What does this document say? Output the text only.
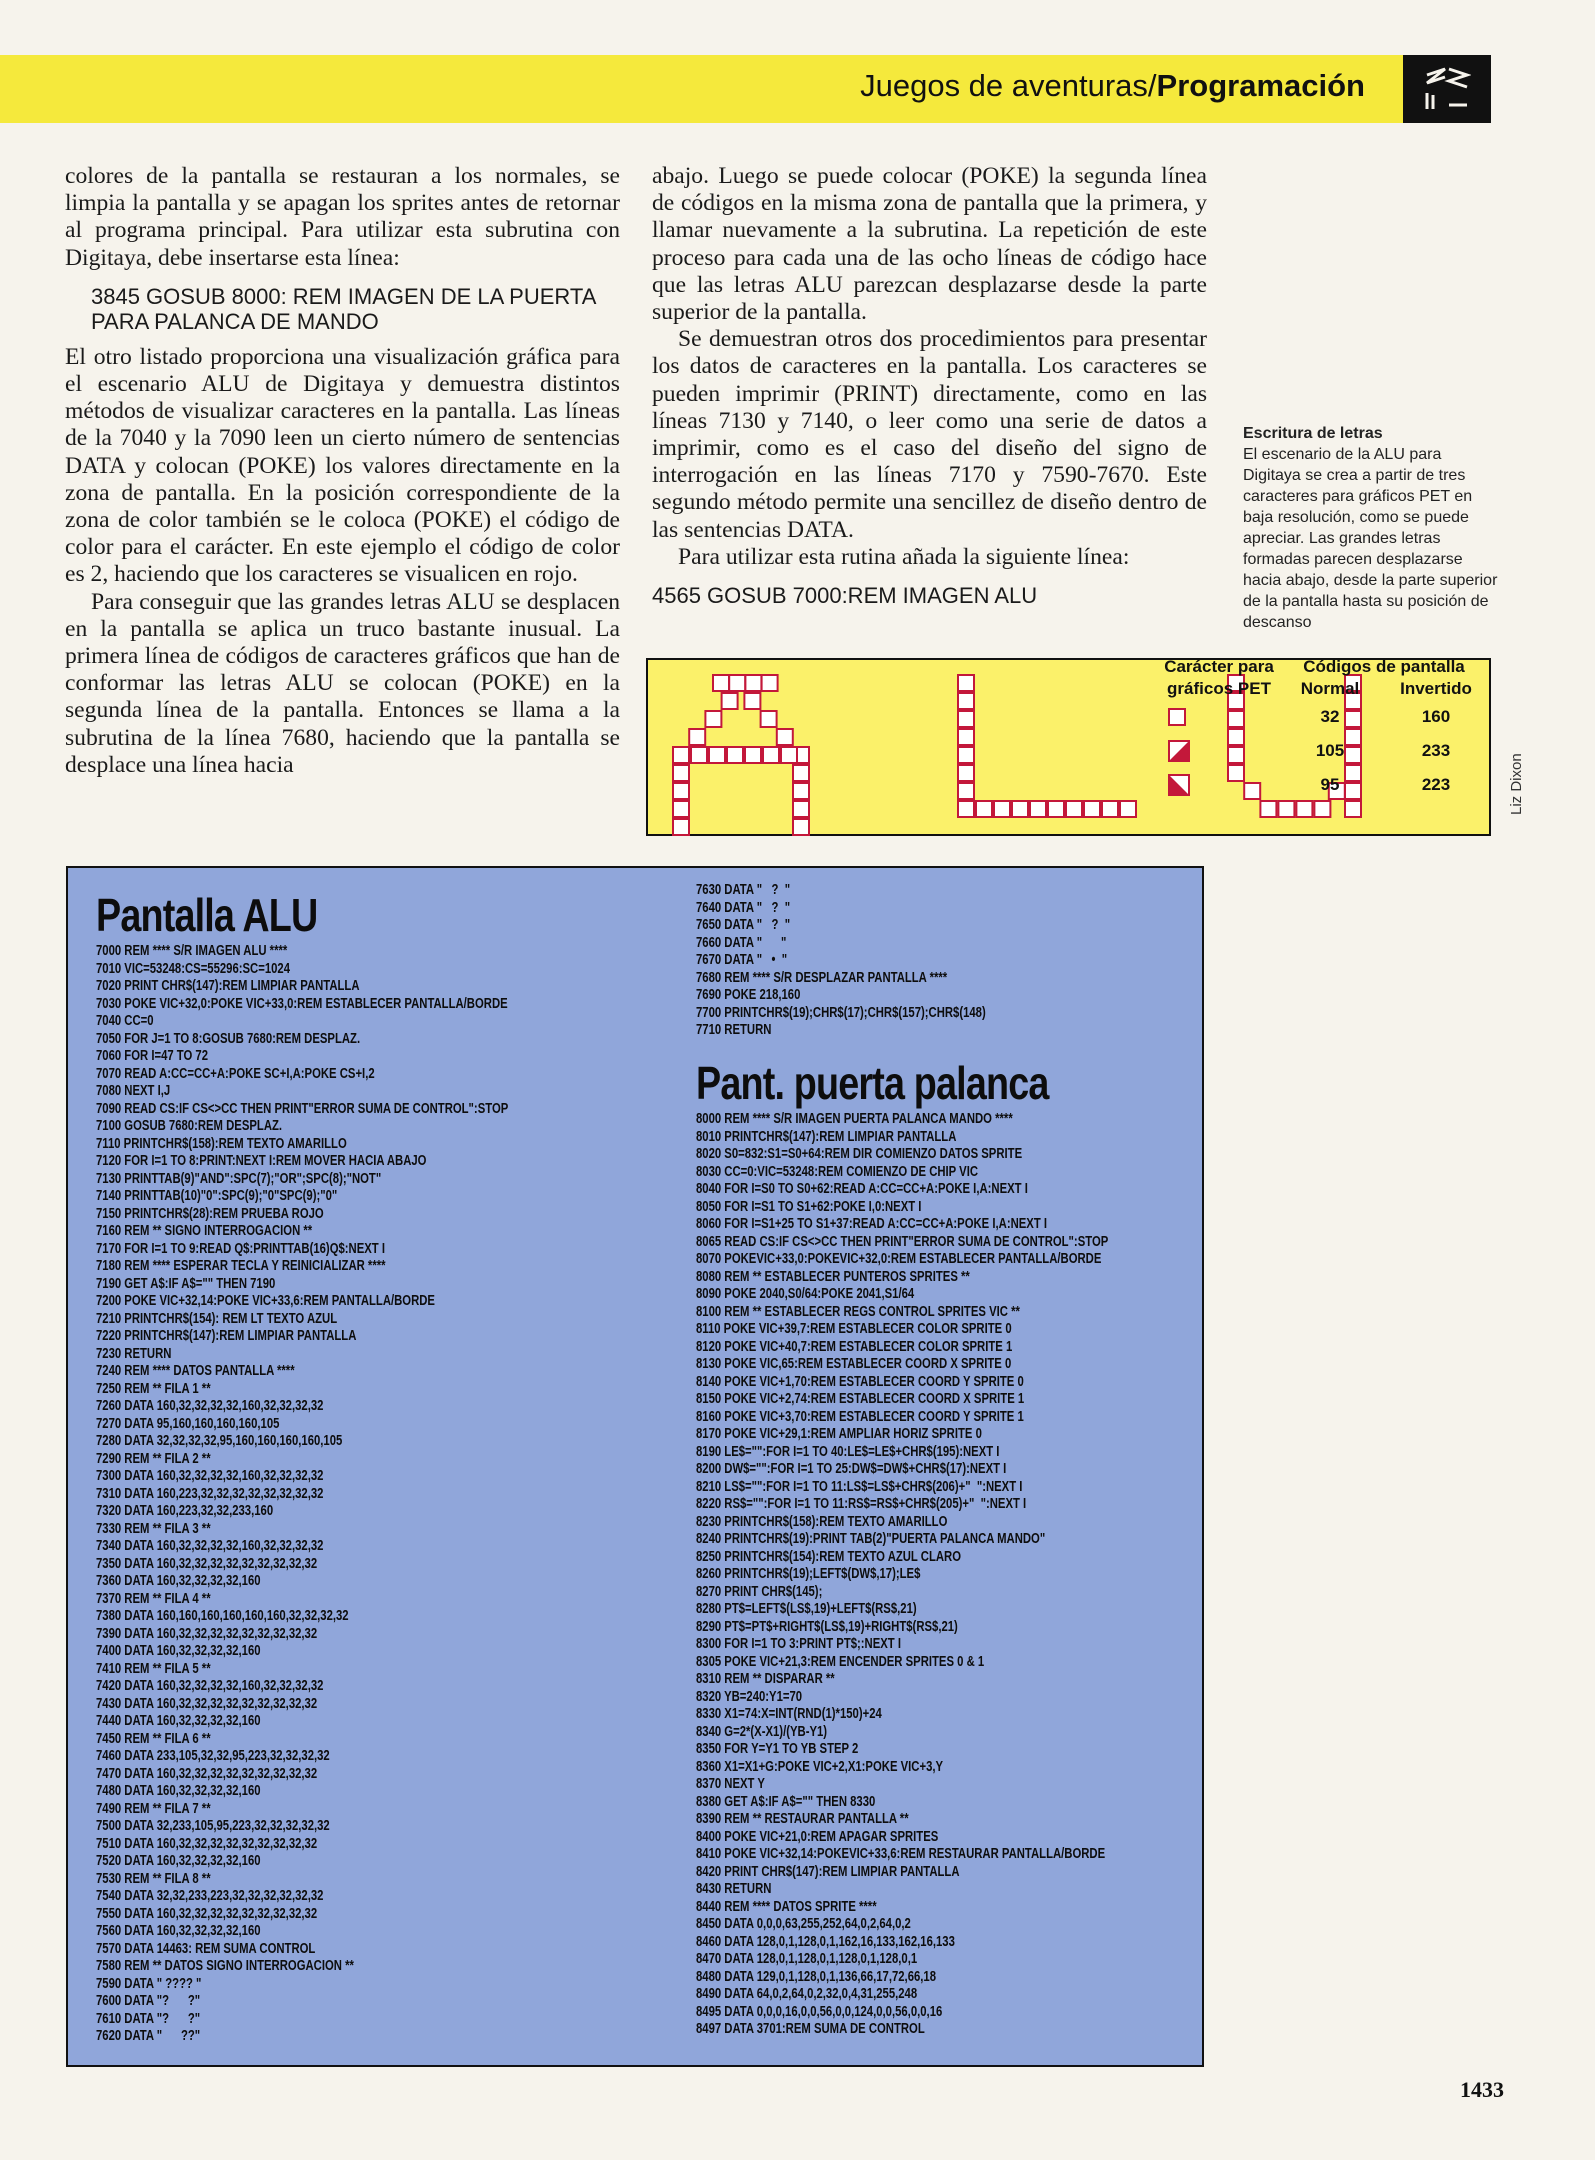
Juegos de aventuras/Programación

colores de la pantalla se restauran a los normales, se limpia la pantalla y se apagan los sprites antes de retornar al programa principal. Para utilizar esta subrutina con Digitaya, debe insertarse esta línea:

3845 GOSUB 8000: REM IMAGEN DE LA PUERTA PARA PALANCA DE MANDO

El otro listado proporciona una visualización gráfica para el escenario ALU de Digitaya y demuestra distintos métodos de visualizar caracteres en la pantalla. Las líneas de la 7040 y la 7090 leen un cierto número de sentencias DATA y colocan (POKE) los valores directamente en la zona de pantalla. En la posición correspondiente de la zona de color también se le coloca (POKE) el código de color para el carácter. En este ejemplo el código de color es 2, haciendo que los caracteres se visualicen en rojo.

Para conseguir que las grandes letras ALU se desplacen en la pantalla se aplica un truco bastante inusual. La primera línea de códigos de caracteres gráficos que han de conformar las letras ALU se colocan (POKE) en la segunda línea de la pantalla. Entonces se llama a la subrutina de la línea 7680, haciendo que la pantalla se desplace una línea hacia

abajo. Luego se puede colocar (POKE) la segunda línea de códigos en la misma zona de pantalla que la primera, y llamar nuevamente a la subrutina. La repetición de este proceso para cada una de las ocho líneas de código hace que las letras ALU parezcan desplazarse desde la parte superior de la pantalla.

Se demuestran otros dos procedimientos para presentar los datos de caracteres en la pantalla. Los caracteres se pueden imprimir (PRINT) directamente, como en las líneas 7130 y 7140, o leer como una serie de datos a imprimir, como es el caso del diseño del signo de interrogación en las líneas 7170 y 7590-7670. Este segundo método permite una sencillez de diseño dentro de las sentencias DATA.

Para utilizar esta rutina añada la siguiente línea:

4565 GOSUB 7000:REM IMAGEN ALU

Escritura de letras
El escenario de la ALU para Digitaya se crea a partir de tres caracteres para gráficos PET en baja resolución, como se puede apreciar. Las grandes letras formadas parecen desplazarse hacia abajo, desde la parte superior de la pantalla hasta su posición de descanso
Carácter para	Códigos de pantalla
gráficos PET	Normal	Invertido
32	160
105	233
95	223	Liz Dixon
Pantalla ALU
7000 REM **** S/R IMAGEN ALU ****
7010 VIC=53248:CS=55296:SC=1024
7020 PRINT CHR$(147):REM LIMPIAR PANTALLA
7030 POKE VIC+32,0:POKE VIC+33,0:REM ESTABLECER PANTALLA/BORDE
7040 CC=0
7050 FOR J=1 TO 8:GOSUB 7680:REM DESPLAZ.
7060 FOR I=47 TO 72
7070 READ A:CC=CC+A:POKE SC+I,A:POKE CS+I,2
7080 NEXT I,J
7090 READ CS:IF CS<>CC THEN PRINT"ERROR SUMA DE CONTROL":STOP
7100 GOSUB 7680:REM DESPLAZ.
7110 PRINTCHR$(158):REM TEXTO AMARILLO
7120 FOR I=1 TO 8:PRINT:NEXT I:REM MOVER HACIA ABAJO
7130 PRINTTAB(9)"AND":SPC(7);"OR";SPC(8);"NOT"
7140 PRINTTAB(10)"0":SPC(9);"0"SPC(9);"0"
7150 PRINTCHR$(28):REM PRUEBA ROJO
7160 REM ** SIGNO INTERROGACION **
7170 FOR I=1 TO 9:READ Q$:PRINTTAB(16)Q$:NEXT I
7180 REM **** ESPERAR TECLA Y REINICIALIZAR ****
7190 GET A$:IF A$="" THEN 7190
7200 POKE VIC+32,14:POKE VIC+33,6:REM PANTALLA/BORDE
7210 PRINTCHR$(154): REM LT TEXTO AZUL
7220 PRINTCHR$(147):REM LIMPIAR PANTALLA
7230 RETURN
7240 REM **** DATOS PANTALLA ****
7250 REM ** FILA 1 **
7260 DATA 160,32,32,32,32,160,32,32,32,32
7270 DATA 95,160,160,160,160,105
7280 DATA 32,32,32,32,95,160,160,160,160,105
7290 REM ** FILA 2 **
7300 DATA 160,32,32,32,32,160,32,32,32,32
7310 DATA 160,223,32,32,32,32,32,32,32,32
7320 DATA 160,223,32,32,233,160
7330 REM ** FILA 3 **
7340 DATA 160,32,32,32,32,160,32,32,32,32
7350 DATA 160,32,32,32,32,32,32,32,32,32
7360 DATA 160,32,32,32,32,160
7370 REM ** FILA 4 **
7380 DATA 160,160,160,160,160,160,32,32,32,32
7390 DATA 160,32,32,32,32,32,32,32,32,32
7400 DATA 160,32,32,32,32,160
7410 REM ** FILA 5 **
7420 DATA 160,32,32,32,32,160,32,32,32,32
7430 DATA 160,32,32,32,32,32,32,32,32,32
7440 DATA 160,32,32,32,32,160
7450 REM ** FILA 6 **
7460 DATA 233,105,32,32,95,223,32,32,32,32
7470 DATA 160,32,32,32,32,32,32,32,32,32
7480 DATA 160,32,32,32,32,160
7490 REM ** FILA 7 **
7500 DATA 32,233,105,95,223,32,32,32,32,32
7510 DATA 160,32,32,32,32,32,32,32,32,32
7520 DATA 160,32,32,32,32,160
7530 REM ** FILA 8 **
7540 DATA 32,32,233,223,32,32,32,32,32,32
7550 DATA 160,32,32,32,32,32,32,32,32,32
7560 DATA 160,32,32,32,32,160
7570 DATA 14463: REM SUMA CONTROL
7580 REM ** DATOS SIGNO INTERROGACION **
7590 DATA " ???? "
7600 DATA "?      ?"
7610 DATA "?      ?"
7620 DATA "      ??"
7630 DATA "   ?  "
7640 DATA "   ?  "
7650 DATA "   ?  "
7660 DATA "      "
7670 DATA "   •  "
7680 REM **** S/R DESPLAZAR PANTALLA ****
7690 POKE 218,160
7700 PRINTCHR$(19);CHR$(17);CHR$(157);CHR$(148)
7710 RETURN
Pant. puerta palanca
8000 REM **** S/R IMAGEN PUERTA PALANCA MANDO ****
8010 PRINTCHR$(147):REM LIMPIAR PANTALLA
8020 S0=832:S1=S0+64:REM DIR COMIENZO DATOS SPRITE
8030 CC=0:VIC=53248:REM COMIENZO DE CHIP VIC
8040 FOR I=S0 TO S0+62:READ A:CC=CC+A:POKE I,A:NEXT I
8050 FOR I=S1 TO S1+62:POKE I,0:NEXT I
8060 FOR I=S1+25 TO S1+37:READ A:CC=CC+A:POKE I,A:NEXT I
8065 READ CS:IF CS<>CC THEN PRINT"ERROR SUMA DE CONTROL":STOP
8070 POKEVIC+33,0:POKEVIC+32,0:REM ESTABLECER PANTALLA/BORDE
8080 REM ** ESTABLECER PUNTEROS SPRITES **
8090 POKE 2040,S0/64:POKE 2041,S1/64
8100 REM ** ESTABLECER REGS CONTROL SPRITES VIC **
8110 POKE VIC+39,7:REM ESTABLECER COLOR SPRITE 0
8120 POKE VIC+40,7:REM ESTABLECER COLOR SPRITE 1
8130 POKE VIC,65:REM ESTABLECER COORD X SPRITE 0
8140 POKE VIC+1,70:REM ESTABLECER COORD Y SPRITE 0
8150 POKE VIC+2,74:REM ESTABLECER COORD X SPRITE 1
8160 POKE VIC+3,70:REM ESTABLECER COORD Y SPRITE 1
8170 POKE VIC+29,1:REM AMPLIAR HORIZ SPRITE 0
8190 LE$="":FOR I=1 TO 40:LE$=LE$+CHR$(195):NEXT I
8200 DW$="":FOR I=1 TO 25:DW$=DW$+CHR$(17):NEXT I
8210 LS$="":FOR I=1 TO 11:LS$=LS$+CHR$(206)+"  ":NEXT I
8220 RS$="":FOR I=1 TO 11:RS$=RS$+CHR$(205)+"  ":NEXT I
8230 PRINTCHR$(158):REM TEXTO AMARILLO
8240 PRINTCHR$(19):PRINT TAB(2)"PUERTA PALANCA MANDO"
8250 PRINTCHR$(154):REM TEXTO AZUL CLARO
8260 PRINTCHR$(19);LEFT$(DW$,17);LE$
8270 PRINT CHR$(145);
8280 PT$=LEFT$(LS$,19)+LEFT$(RS$,21)
8290 PT$=PT$+RIGHT$(LS$,19)+RIGHT$(RS$,21)
8300 FOR I=1 TO 3:PRINT PT$;:NEXT I
8305 POKE VIC+21,3:REM ENCENDER SPRITES 0 & 1
8310 REM ** DISPARAR **
8320 YB=240:Y1=70
8330 X1=74:X=INT(RND(1)*150)+24
8340 G=2*(X-X1)/(YB-Y1)
8350 FOR Y=Y1 TO YB STEP 2
8360 X1=X1+G:POKE VIC+2,X1:POKE VIC+3,Y
8370 NEXT Y
8380 GET A$:IF A$="" THEN 8330
8390 REM ** RESTAURAR PANTALLA **
8400 POKE VIC+21,0:REM APAGAR SPRITES
8410 POKE VIC+32,14:POKEVIC+33,6:REM RESTAURAR PANTALLA/BORDE
8420 PRINT CHR$(147):REM LIMPIAR PANTALLA
8430 RETURN
8440 REM **** DATOS SPRITE ****
8450 DATA 0,0,0,63,255,252,64,0,2,64,0,2
8460 DATA 128,0,1,128,0,1,162,16,133,162,16,133
8470 DATA 128,0,1,128,0,1,128,0,1,128,0,1
8480 DATA 129,0,1,128,0,1,136,66,17,72,66,18
8490 DATA 64,0,2,64,0,2,32,0,4,31,255,248
8495 DATA 0,0,0,16,0,0,56,0,0,124,0,0,56,0,0,16
8497 DATA 3701:REM SUMA DE CONTROL
1433
